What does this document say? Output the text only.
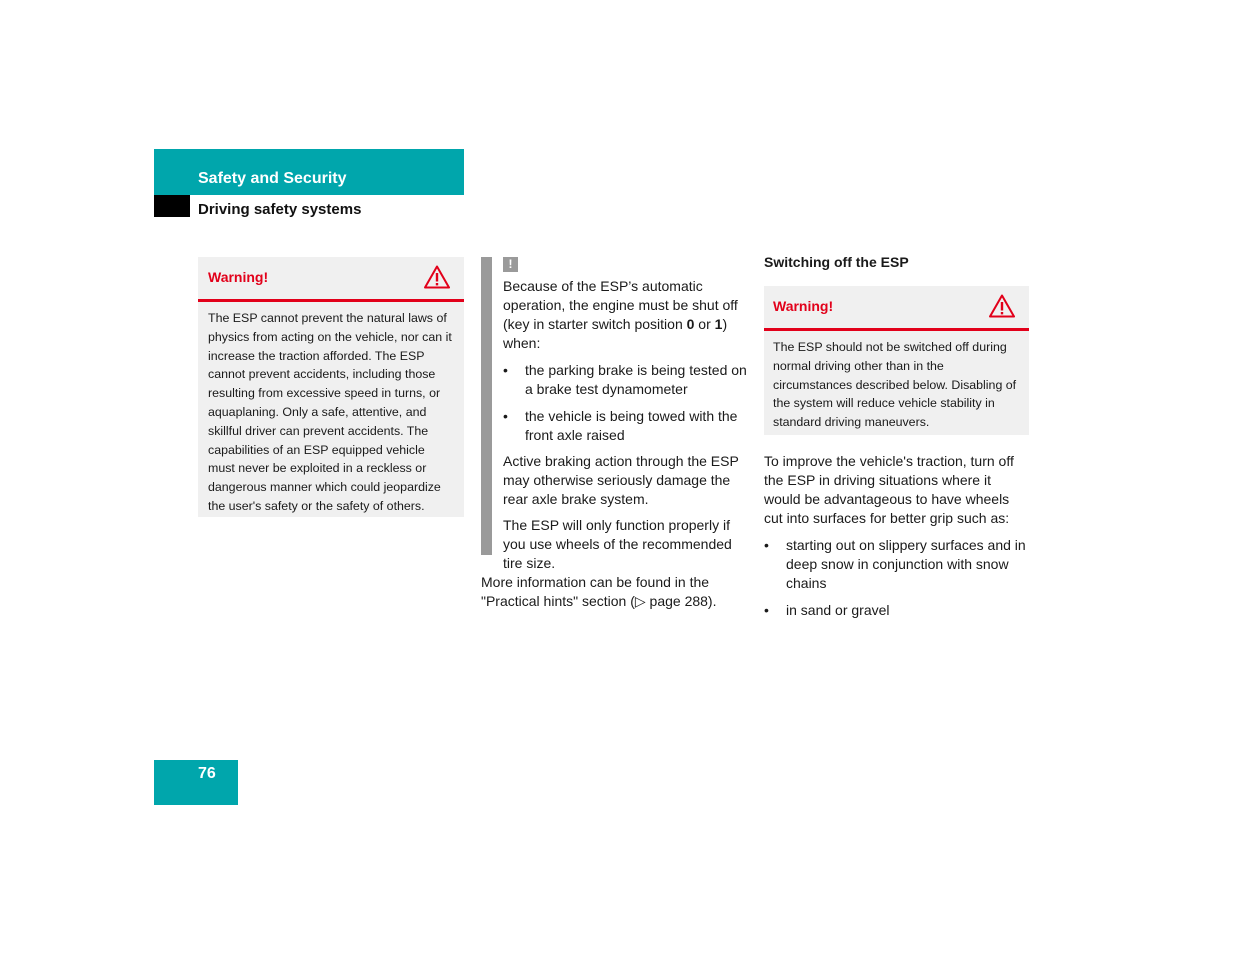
Safety and Security
Driving safety systems
Warning!
The ESP cannot prevent the natural laws of physics from acting on the vehicle, nor can it increase the traction afforded. The ESP cannot prevent accidents, including those resulting from excessive speed in turns, or aquaplaning. Only a safe, attentive, and skillful driver can prevent accidents. The capabilities of an ESP equipped vehicle must never be exploited in a reckless or dangerous manner which could jeopardize the user's safety or the safety of others.
!

Because of the ESP’s automatic operation, the engine must be shut off (key in starter switch position 0 or 1) when:

• the parking brake is being tested on a brake test dynamometer
• the vehicle is being towed with the front axle raised

Active braking action through the ESP may otherwise seriously damage the rear axle brake system.

The ESP will only function properly if you use wheels of the recommended tire size.

More information can be found in the "Practical hints" section (▷ page 288).

Switching off the ESP
Warning!
The ESP should not be switched off during normal driving other than in the circumstances described below. Disabling of the system will reduce vehicle stability in standard driving maneuvers.

To improve the vehicle's traction, turn off the ESP in driving situations where it would be advantageous to have wheels cut into surfaces for better grip such as:

• starting out on slippery surfaces and in deep snow in conjunction with snow chains
• in sand or gravel
76
